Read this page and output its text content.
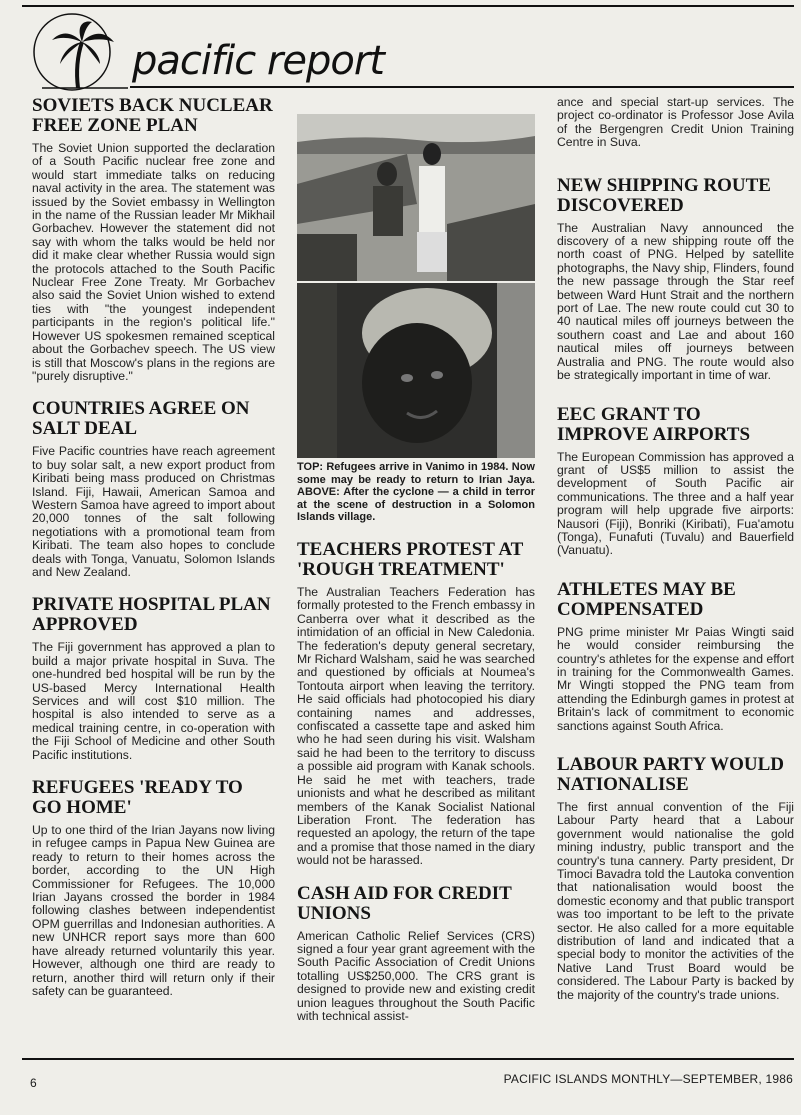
pacific report
SOVIETS BACK NUCLEAR FREE ZONE PLAN

The Soviet Union supported the declaration of a South Pacific nuclear free zone and would start immediate talks on reducing naval activity in the area. The statement was issued by the Soviet embassy in Wellington in the name of the Russian leader Mr Mikhail Gorbachev. However the statement did not say with whom the talks would be held nor did it make clear whether Russia would sign the protocols attached to the South Pacific Nuclear Free Zone Treaty. Mr Gorbachev also said the Soviet Union wished to extend ties with "the youngest independent participants in the region's political life." However US spokesmen remained sceptical about the Gorbachev speech. The US view is still that Moscow's plans in the regions are "purely disruptive."

COUNTRIES AGREE ON SALT DEAL

Five Pacific countries have reach agreement to buy solar salt, a new export product from Kiribati being mass produced on Christmas Island. Fiji, Hawaii, American Samoa and Western Samoa have agreed to import about 20,000 tonnes of the salt following negotiations with a promotional team from Kiribati. The team also hopes to conclude deals with Tonga, Vanuatu, Solomon Islands and New Zealand.

PRIVATE HOSPITAL PLAN APPROVED

The Fiji government has approved a plan to build a major private hospital in Suva. The one-hundred bed hospital will be run by the US-based Mercy International Health Services and will cost $10 million. The hospital is also intended to serve as a medical training centre, in co-operation with the Fiji School of Medicine and other South Pacific institutions.

REFUGEES 'READY TO GO HOME'

Up to one third of the Irian Jayans now living in refugee camps in Papua New Guinea are ready to return to their homes across the border, according to the UN High Commissioner for Refugees. The 10,000 Irian Jayans crossed the border in 1984 following clashes between independentist OPM guerrillas and Indonesian authorities. A new UNHCR report says more than 600 have already returned voluntarily this year. However, although one third are ready to return, another third will return only if their safety can be guaranteed.

TOP: Refugees arrive in Vanimo in 1984. Now some may be ready to return to Irian Jaya. ABOVE: After the cyclone — a child in terror at the scene of destruction in a Solomon Islands village.
TEACHERS PROTEST AT 'ROUGH TREATMENT'

The Australian Teachers Federation has formally protested to the French embassy in Canberra over what it described as the intimidation of an official in New Caledonia. The federation's deputy general secretary, Mr Richard Walsham, said he was searched and questioned by officials at Noumea's Tontouta airport when leaving the territory. He said officials had photocopied his diary containing names and addresses, confiscated a cassette tape and asked him who he had seen during his visit. Walsham said he had been to the territory to discuss a possible aid program with Kanak schools. He said he met with teachers, trade unionists and what he described as militant members of the Kanak Socialist National Liberation Front. The federation has requested an apology, the return of the tape and a promise that those named in the diary would not be harassed.

CASH AID FOR CREDIT UNIONS

American Catholic Relief Services (CRS) signed a four year grant agreement with the South Pacific Association of Credit Unions totalling US$250,000. The CRS grant is designed to provide new and existing credit union leagues throughout the South Pacific with technical assist-

ance and special start-up services. The project co-ordinator is Professor Jose Avila of the Bergengren Credit Union Training Centre in Suva.

NEW SHIPPING ROUTE DISCOVERED

The Australian Navy announced the discovery of a new shipping route off the north coast of PNG. Helped by satellite photographs, the Navy ship, Flinders, found the new passage through the Star reef between Ward Hunt Strait and the northern port of Lae. The new route could cut 30 to 40 nautical miles off journeys between the southern coast and Lae and about 160 nautical miles off journeys between Australia and PNG. The route would also be strategically important in time of war.

EEC GRANT TO IMPROVE AIRPORTS

The European Commission has approved a grant of US$5 million to assist the development of South Pacific air communications. The three and a half year program will help upgrade five airports: Nausori (Fiji), Bonriki (Kiribati), Fua'amotu (Tonga), Funafuti (Tuvalu) and Bauerfield (Vanuatu).

ATHLETES MAY BE COMPENSATED

PNG prime minister Mr Paias Wingti said he would consider reimbursing the country's athletes for the expense and effort in training for the Commonwealth Games. Mr Wingti stopped the PNG team from attending the Edinburgh games in protest at Britain's lack of commitment to economic sanctions against South Africa.

LABOUR PARTY WOULD NATIONALISE

The first annual convention of the Fiji Labour Party heard that a Labour government would nationalise the gold mining industry, public transport and the country's tuna cannery. Party president, Dr Timoci Bavadra told the Lautoka convention that nationalisation would boost the domestic economy and that public transport was too important to be left to the private sector. He also called for a more equitable distribution of land and indicated that a special body to monitor the activities of the Native Land Trust Board would be considered. The Labour Party is backed by the majority of the country's trade unions.

6	PACIFIC ISLANDS MONTHLY—SEPTEMBER, 1986
